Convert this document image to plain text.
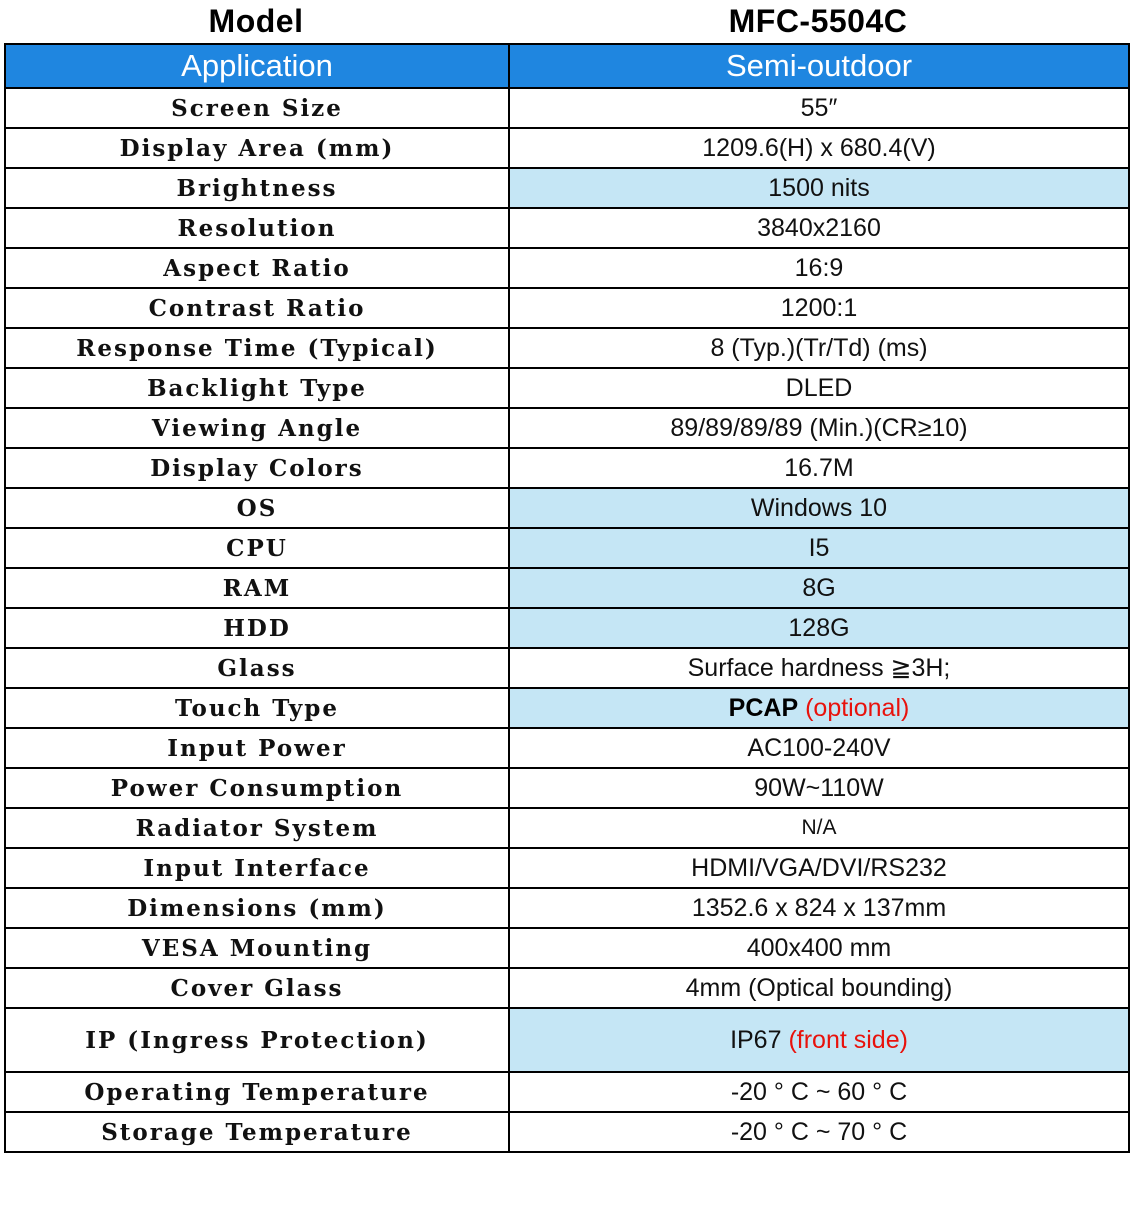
Model	MFC-5504C
Application	Semi-outdoor
Screen Size	55″
Display Area (mm)	1209.6(H) x 680.4(V)
Brightness	1500 nits
Resolution	3840x2160
Aspect Ratio	16:9
Contrast Ratio	1200:1
Response Time (Typical)	8 (Typ.)(Tr/Td) (ms)
Backlight Type	DLED
Viewing Angle	89/89/89/89 (Min.)(CR≥10)
Display Colors	16.7M
OS	Windows 10
CPU	I5
RAM	8G
HDD	128G
Glass	Surface hardness ≧3H;
Touch Type	PCAP (optional)
Input Power	AC100-240V
Power Consumption	90W~110W
Radiator System	N/A
Input Interface	HDMI/VGA/DVI/RS232
Dimensions (mm)	1352.6 x 824 x 137mm
VESA Mounting	400x400 mm
Cover Glass	4mm (Optical bounding)
IP (Ingress Protection)	IP67 (front side)
Operating Temperature	-20 ° C ~ 60 ° C
Storage Temperature	-20 ° C ~ 70 ° C
